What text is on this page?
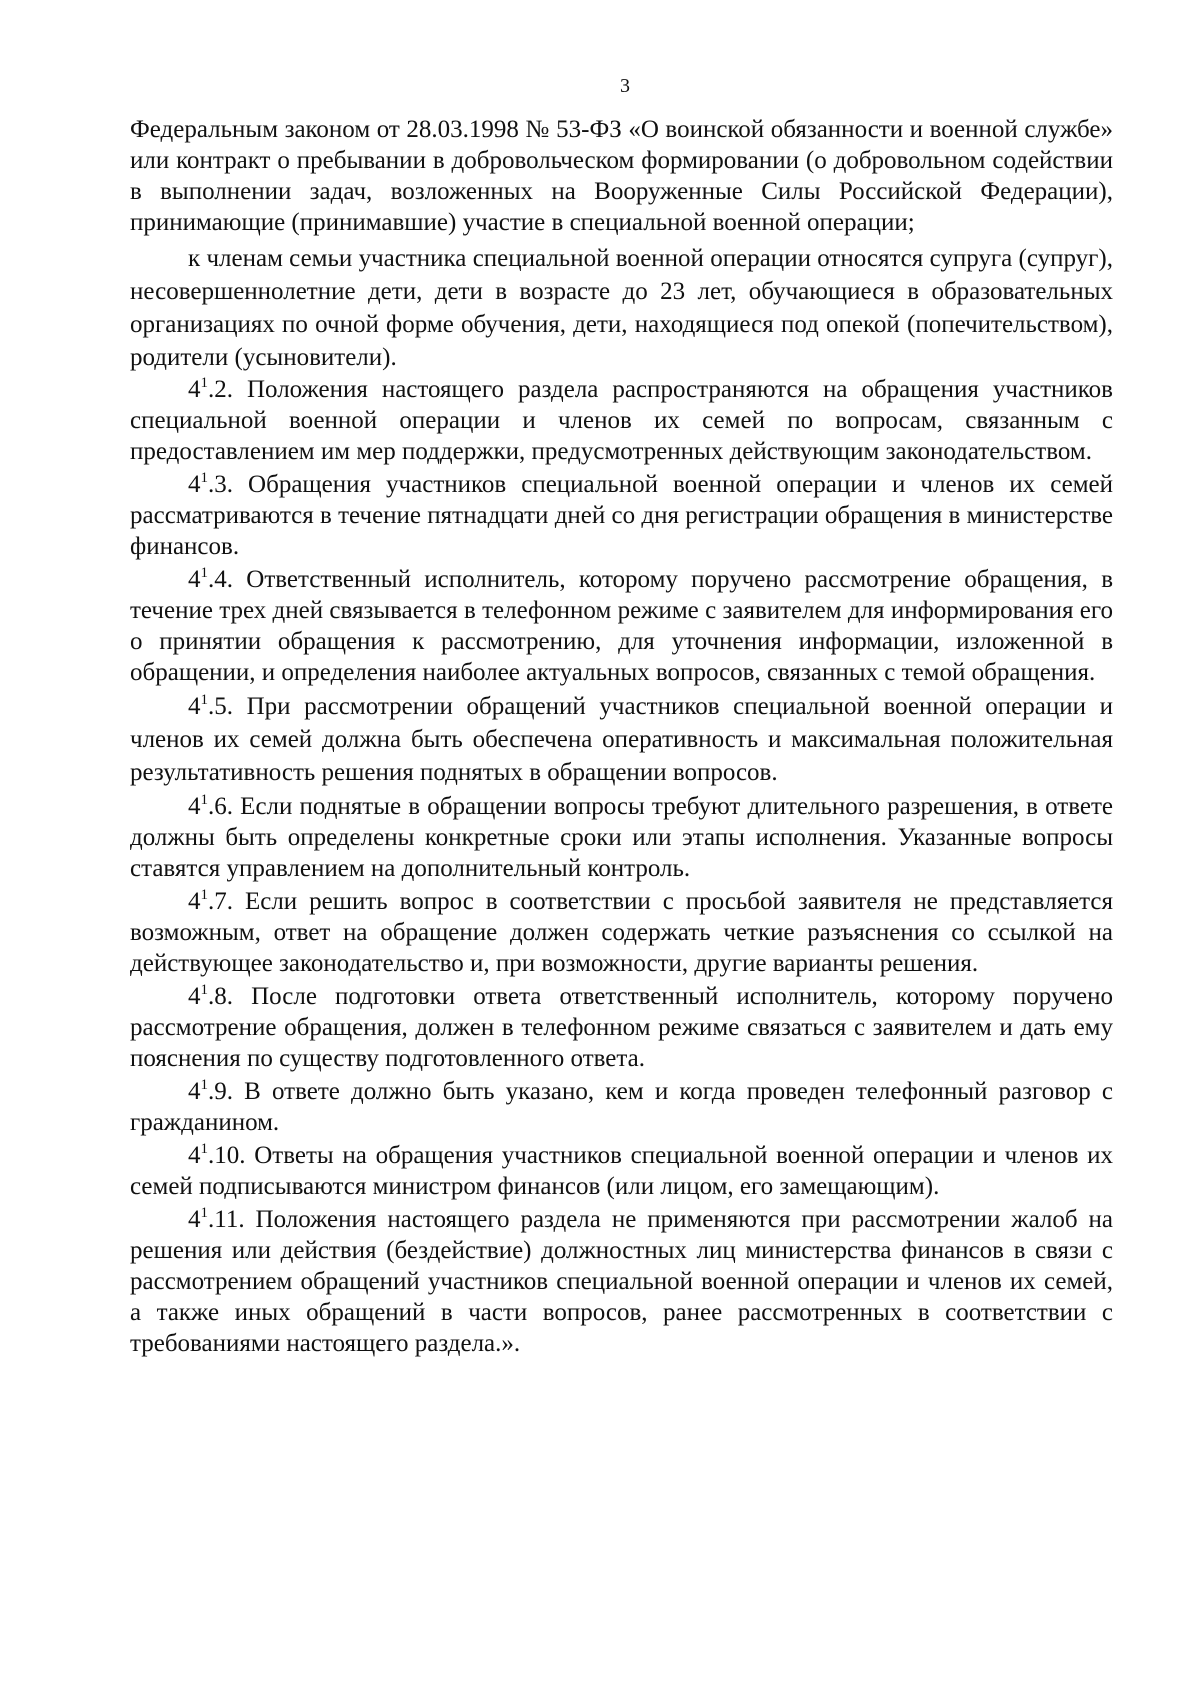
3

Федеральным законом от 28.03.1998 № 53-ФЗ «О воинской обязанности и военной службе» или контракт о пребывании в добровольческом формировании (о добровольном содействии в выполнении задач, возложенных на Вооруженные Силы Российской Федерации), принимающие (принимавшие) участие в специальной военной операции;

к членам семьи участника специальной военной операции относятся супруга (супруг), несовершеннолетние дети, дети в возрасте до 23 лет, обучающиеся в образовательных организациях по очной форме обучения, дети, находящиеся под опекой (попечительством), родители (усыновители).

$4^1.2$. Положения настоящего раздела распространяются на обращения участников специальной военной операции и членов их семей по вопросам, связанным с предоставлением им мер поддержки, предусмотренных действующим законодательством.

$4^1.3$. Обращения участников специальной военной операции и членов их семей рассматриваются в течение пятнадцати дней со дня регистрации обращения в министерстве финансов.

$4^1.4$. Ответственный исполнитель, которому поручено рассмотрение обращения, в течение трех дней связывается в телефонном режиме с заявителем для информирования его о принятии обращения к рассмотрению, для уточнения информации, изложенной в обращении, и определения наиболее актуальных вопросов, связанных с темой обращения.

$4^1.5$. При рассмотрении обращений участников специальной военной операции и членов их семей должна быть обеспечена оперативность и максимальная положительная результативность решения поднятых в обращении вопросов.

$4^1.6$. Если поднятые в обращении вопросы требуют длительного разрешения, в ответе должны быть определены конкретные сроки или этапы исполнения. Указанные вопросы ставятся управлением на дополнительный контроль.

$4^1.7$. Если решить вопрос в соответствии с просьбой заявителя не представляется возможным, ответ на обращение должен содержать четкие разъяснения со ссылкой на действующее законодательство и, при возможности, другие варианты решения.

$4^1.8$. После подготовки ответа ответственный исполнитель, которому поручено рассмотрение обращения, должен в телефонном режиме связаться с заявителем и дать ему пояснения по существу подготовленного ответа.

$4^1.9$. В ответе должно быть указано, кем и когда проведен телефонный разговор с гражданином.

$4^1.10$. Ответы на обращения участников специальной военной операции и членов их семей подписываются министром финансов (или лицом, его замещающим).

$4^1.11$. Положения настоящего раздела не применяются при рассмотрении жалоб на решения или действия (бездействие) должностных лиц министерства финансов в связи с рассмотрением обращений участников специальной военной операции и членов их семей, а также иных обращений в части вопросов, ранее рассмотренных в соответствии с требованиями настоящего раздела.».
